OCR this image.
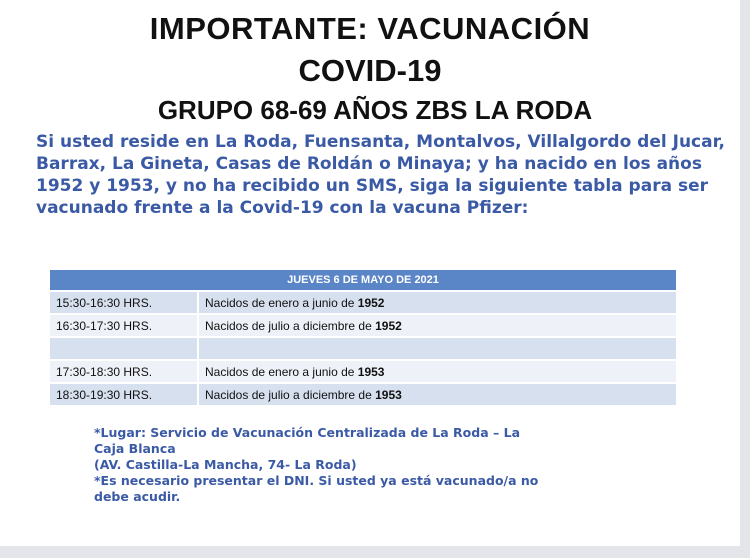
IMPORTANTE: VACUNACIÓN
COVID-19
GRUPO 68-69 AÑOS ZBS LA RODA

Si usted reside en La Roda, Fuensanta, Montalvos, Villalgordo del Jucar, Barrax, La Gineta, Casas de Roldán o Minaya; y ha nacido en los años 1952 y 1953, y no ha recibido un SMS, siga la siguiente tabla para ser vacunado frente a la Covid-19 con la vacuna Pfizer:

JUEVES 6 DE MAYO DE 2021	
15:30-16:30 HRS.	Nacidos de enero a junio de 1952
16:30-17:30 HRS.	Nacidos de julio a diciembre de 1952

17:30-18:30 HRS.	Nacidos de enero a junio de 1953
18:30-19:30 HRS.	Nacidos de julio a diciembre de 1953
*Lugar: Servicio de Vacunación Centralizada de La Roda – La
Caja Blanca
(AV. Castilla-La Mancha, 74- La Roda)
*Es necesario presentar el DNI. Si usted ya está vacunado/a no
debe acudir.
